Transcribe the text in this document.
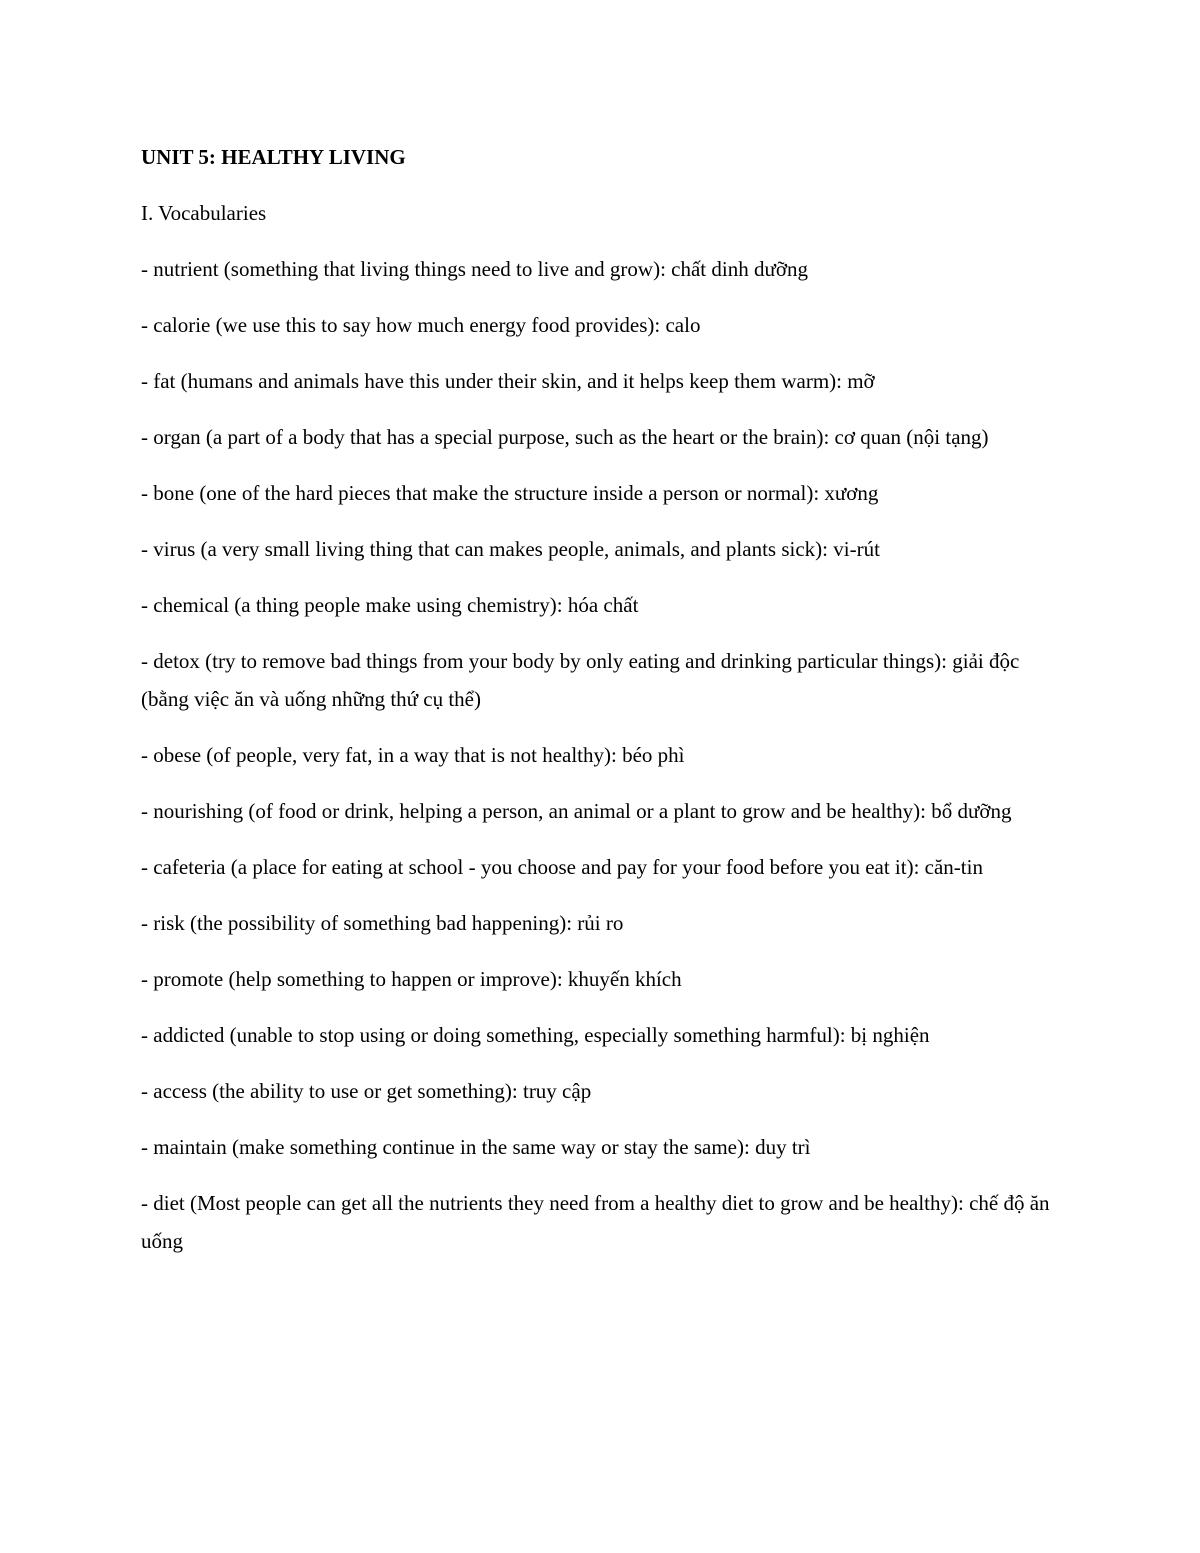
UNIT 5: HEALTHY LIVING
I. Vocabularies
- nutrient (something that living things need to live and grow): chất dinh dưỡng
- calorie (we use this to say how much energy food provides): calo
- fat (humans and animals have this under their skin, and it helps keep them warm): mỡ
- organ (a part of a body that has a special purpose, such as the heart or the brain): cơ quan (nội tạng)
- bone (one of the hard pieces that make the structure inside a person or normal): xương
- virus (a very small living thing that can makes people, animals, and plants sick): vi-rút
- chemical (a thing people make using chemistry): hóa chất
- detox (try to remove bad things from your body by only eating and drinking particular things): giải độc (bằng việc ăn và uống những thứ cụ thể)
- obese (of people, very fat, in a way that is not healthy): béo phì
- nourishing (of food or drink, helping a person, an animal or a plant to grow and be healthy): bổ dưỡng
- cafeteria (a place for eating at school - you choose and pay for your food before you eat it): căn-tin
- risk (the possibility of something bad happening): rủi ro
- promote (help something to happen or improve): khuyến khích
- addicted (unable to stop using or doing something, especially something harmful): bị nghiện
- access (the ability to use or get something): truy cập
- maintain (make something continue in the same way or stay the same): duy trì
- diet (Most people can get all the nutrients they need from a healthy diet to grow and be healthy): chế độ ăn uống
